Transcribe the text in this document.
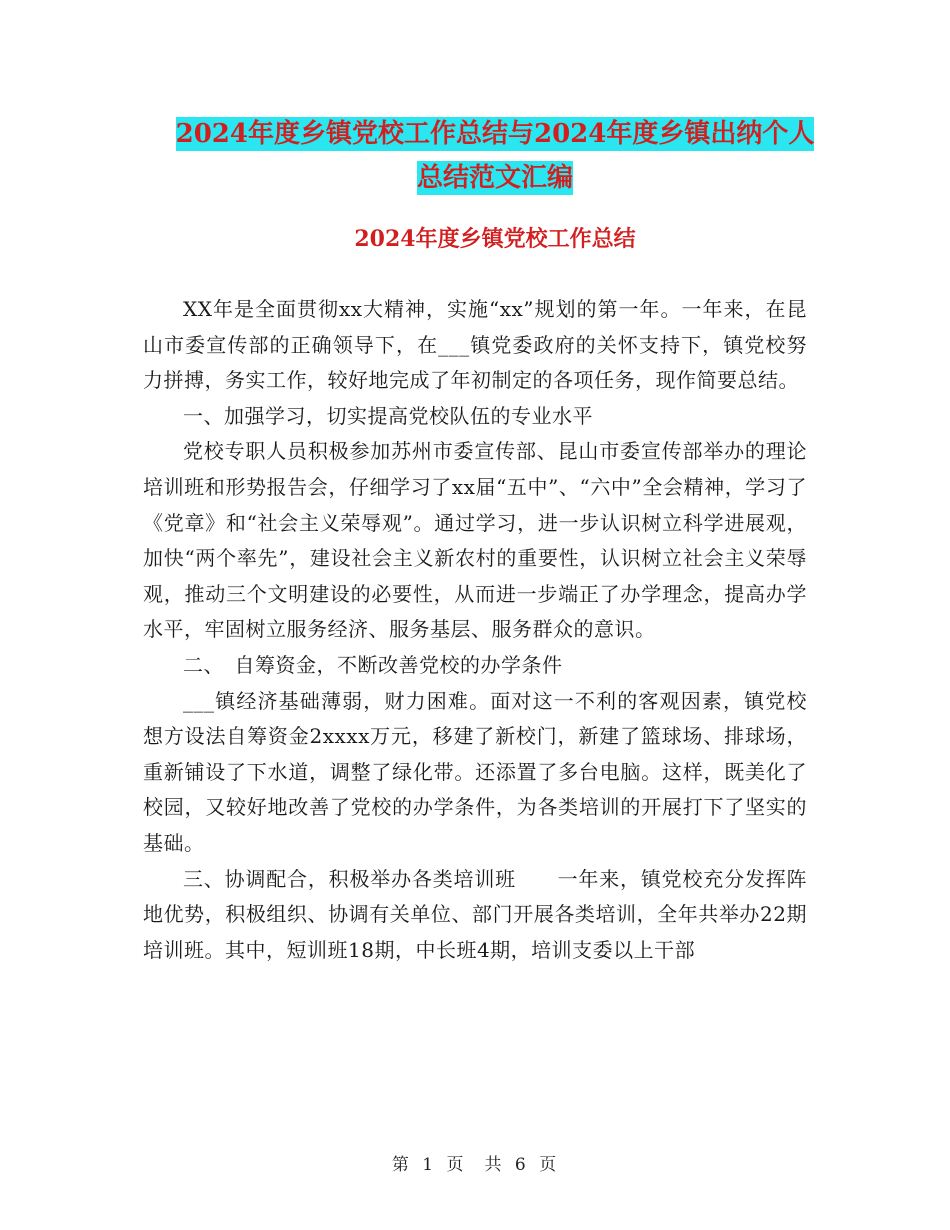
2024年度乡镇党校工作总结与2024年度乡镇出纳个人
总结范文汇编
2024年度乡镇党校工作总结

XX年是全面贯彻xx大精神，实施“xx”规划的第一年。一年来，在昆山市委宣传部的正确领导下，在___镇党委政府的关怀支持下，镇党校努力拼搏，务实工作，较好地完成了年初制定的各项任务，现作简要总结。

一、加强学习，切实提高党校队伍的专业水平

党校专职人员积极参加苏州市委宣传部、昆山市委宣传部举办的理论培训班和形势报告会，仔细学习了xx届“五中”、“六中”全会精神，学习了《党章》和“社会主义荣辱观”。通过学习，进一步认识树立科学进展观，加快“两个率先”，建设社会主义新农村的重要性，认识树立社会主义荣辱观，推动三个文明建设的必要性，从而进一步端正了办学理念，提高办学水平，牢固树立服务经济、服务基层、服务群众的意识。

二、　自筹资金，不断改善党校的办学条件

___镇经济基础薄弱，财力困难。面对这一不利的客观因素，镇党校想方设法自筹资金2xxxx万元，移建了新校门，新建了篮球场、排球场，重新铺设了下水道，调整了绿化带。还添置了多台电脑。这样，既美化了校园，又较好地改善了党校的办学条件，为各类培训的开展打下了坚实的基础。

三、协调配合，积极举办各类培训班　　一年来，镇党校充分发挥阵地优势，积极组织、协调有关单位、部门开展各类培训，全年共举办22期培训班。其中，短训班18期，中长班4期，培训支委以上干部

第 1 页　共 6 页
